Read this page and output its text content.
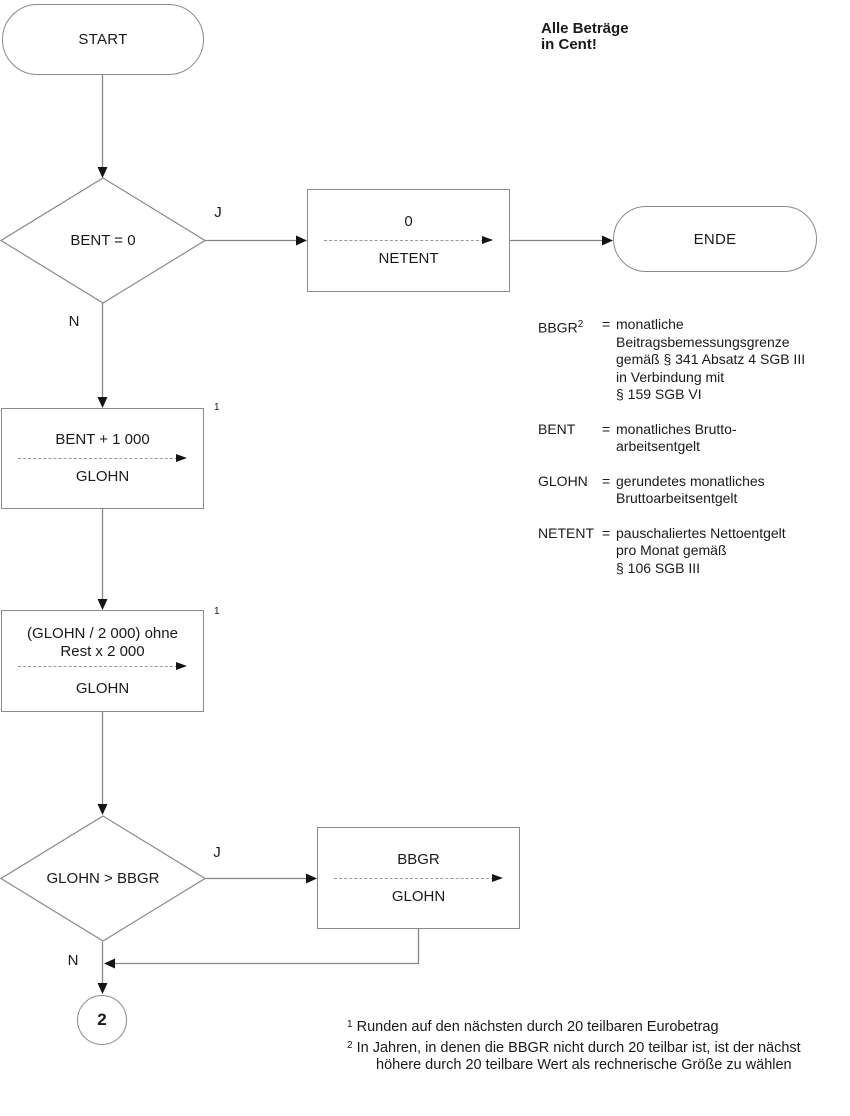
START
Alle Beträge
in Cent!
BENT = 0
J
N
0
NETENT
ENDE
BENT + 1 000
GLOHN
1
(GLOHN / 2 000) ohne
Rest x 2 000
GLOHN
1
GLOHN > BBGR
J
N
BBGR
GLOHN
2
$BBGR^2$	= monatliche
Beitragsbemessungsgrenze
gemäß § 341 Absatz 4 SGB III
in Verbindung mit
§ 159 SGB VI
BENT	= monatliches Brutto-
arbeitsentgelt
GLOHN	= gerundetes monatliches
Bruttoarbeitsentgelt
NETENT = pauschaliertes Nettoentgelt
pro Monat gemäß
§ 106 SGB III
$^1$ Runden auf den nächsten durch 20 teilbaren Eurobetrag
$^2$ In Jahren, in denen die BBGR nicht durch 20 teilbar ist, ist der nächst
höhere durch 20 teilbare Wert als rechnerische Größe zu wählen
